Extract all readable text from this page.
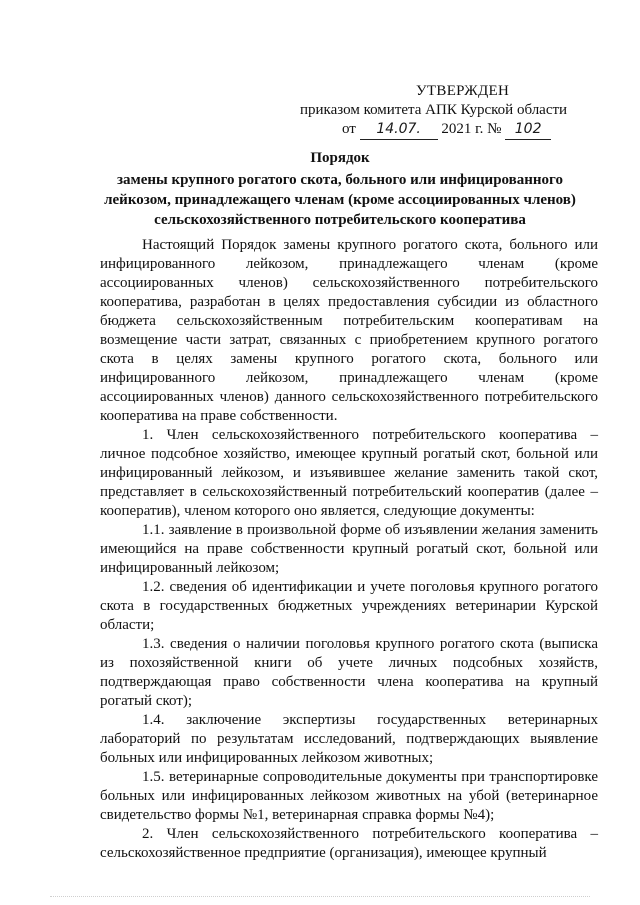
УТВЕРЖДЕН
приказом комитета АПК Курской области
от 14.07. 2021 г. № 102
Порядок
замены крупного рогатого скота, больного или инфицированного
лейкозом, принадлежащего членам (кроме ассоциированных членов)
сельскохозяйственного потребительского кооператива

Настоящий Порядок замены крупного рогатого скота, больного или инфицированного лейкозом, принадлежащего членам (кроме ассоциированных членов) сельскохозяйственного потребительского кооператива, разработан в целях предоставления субсидии из областного бюджета сельскохозяйственным потребительским кооперативам на возмещение части затрат, связанных с приобретением крупного рогатого скота в целях замены крупного рогатого скота, больного или инфицированного лейкозом, принадлежащего членам (кроме ассоциированных членов) данного сельскохозяйственного потребительского кооператива на праве собственности.

1. Член сельскохозяйственного потребительского кооператива – личное подсобное хозяйство, имеющее крупный рогатый скот, больной или инфицированный лейкозом, и изъявившее желание заменить такой скот, представляет в сельскохозяйственный потребительский кооператив (далее – кооператив), членом которого оно является, следующие документы:

1.1. заявление в произвольной форме об изъявлении желания заменить имеющийся на праве собственности крупный рогатый скот, больной или инфицированный лейкозом;

1.2. сведения об идентификации и учете поголовья крупного рогатого скота в государственных бюджетных учреждениях ветеринарии Курской области;

1.3. сведения о наличии поголовья крупного рогатого скота (выписка из похозяйственной книги об учете личных подсобных хозяйств, подтверждающая право собственности члена кооператива на крупный рогатый скот);

1.4. заключение экспертизы государственных ветеринарных лабораторий по результатам исследований, подтверждающих выявление больных или инфицированных лейкозом животных;

1.5. ветеринарные сопроводительные документы при транспортировке больных или инфицированных лейкозом животных на убой (ветеринарное свидетельство формы №1, ветеринарная справка формы №4);

2. Член сельскохозяйственного потребительского кооператива – сельскохозяйственное предприятие (организация), имеющее крупный
